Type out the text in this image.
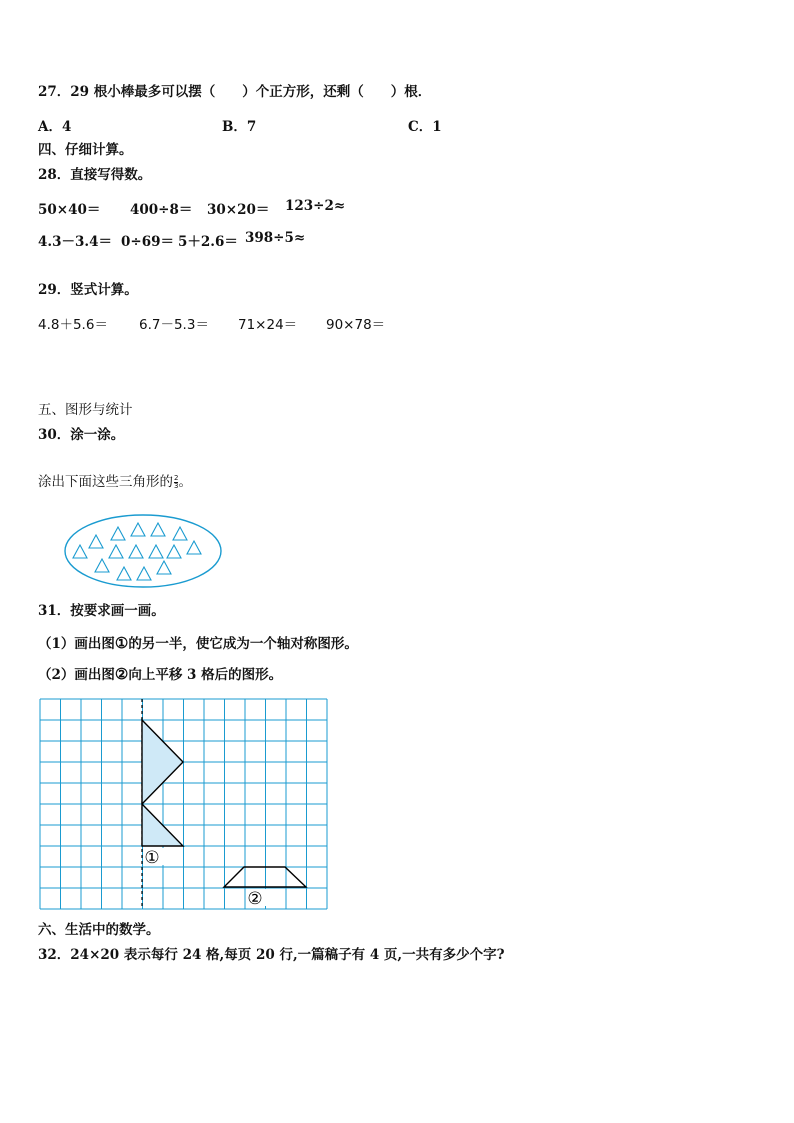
27．29 根小棒最多可以摆（　　）个正方形，还剩（　　）根．
A．4	B．7	C．1
四、仔细计算。
28．直接写得数。
50×40＝ 400÷8＝ 30×20＝ 123÷2≈
4.3－3.4＝ 0÷69＝ 5＋2.6＝ 398÷5≈
29．竖式计算。
4.8＋5.6＝ 6.7－5.3＝ 71×24＝ 90×78＝
五、图形与统计
30．涂一涂。
涂出下面这些三角形的 $\frac{2}{3}$ 。
31．按要求画一画。
（1）画出图①的另一半，使它成为一个轴对称图形。
（2）画出图②向上平移 3 格后的图形。
①
②
六、生活中的数学。
32．24×20 表示每行 24 格,每页 20 行,一篇稿子有 4 页,一共有多少个字?
